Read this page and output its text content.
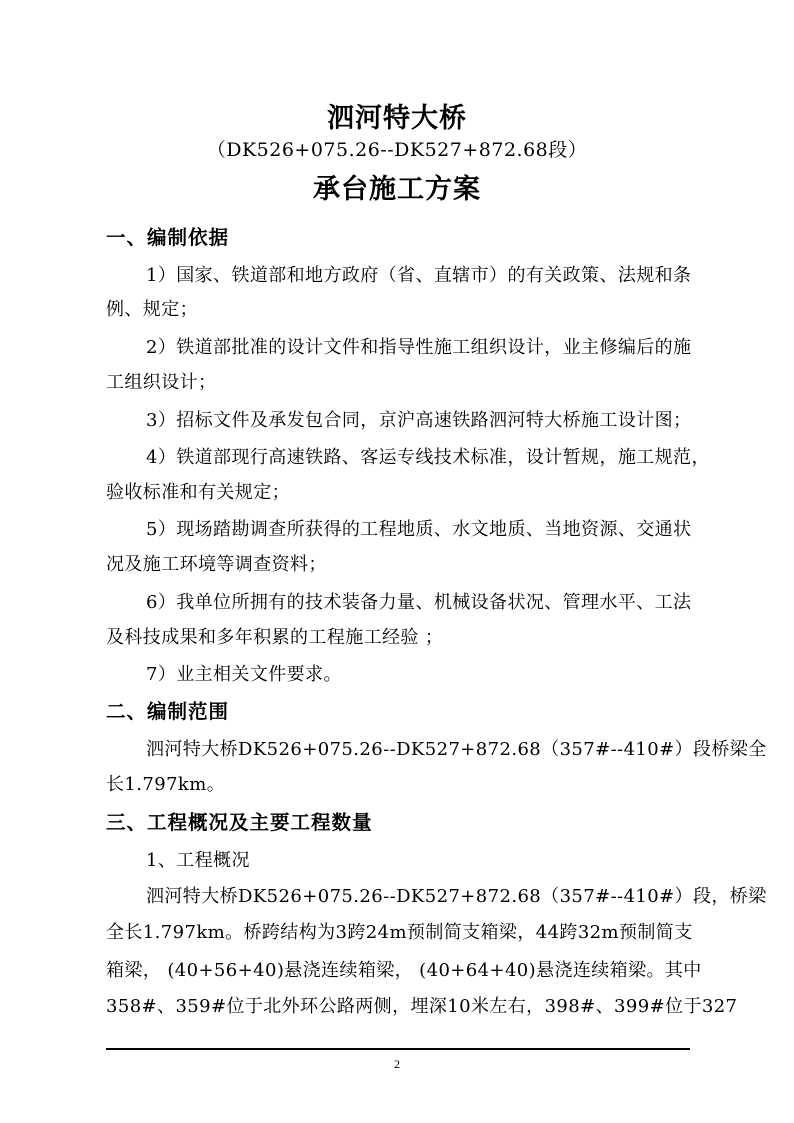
泗河特大桥
（DK526+075.26--DK527+872.68段）
承台施工方案
一、编制依据
1）国家、铁道部和地方政府（省、直辖市）的有关政策、法规和条
例、规定；
2）铁道部批准的设计文件和指导性施工组织设计，业主修编后的施
工组织设计；
3）招标文件及承发包合同，京沪高速铁路泗河特大桥施工设计图；
4）铁道部现行高速铁路、客运专线技术标准，设计暂规，施工规范，
验收标准和有关规定；
5）现场踏勘调查所获得的工程地质、水文地质、当地资源、交通状
况及施工环境等调查资料；
6）我单位所拥有的技术装备力量、机械设备状况、管理水平、工法
及科技成果和多年积累的工程施工经验 ；
7）业主相关文件要求。
二、编制范围
泗河特大桥DK526+075.26--DK527+872.68（357#--410#）段桥梁全
长1.797km。
三、工程概况及主要工程数量
1、工程概况
泗河特大桥DK526+075.26--DK527+872.68（357#--410#）段，桥梁
全长1.797km。桥跨结构为3跨24m预制简支箱梁，44跨32m预制简支
箱梁， (40+56+40)悬浇连续箱梁， (40+64+40)悬浇连续箱梁。其中
358#、359#位于北外环公路两侧，埋深10米左右，398#、399#位于327
2
